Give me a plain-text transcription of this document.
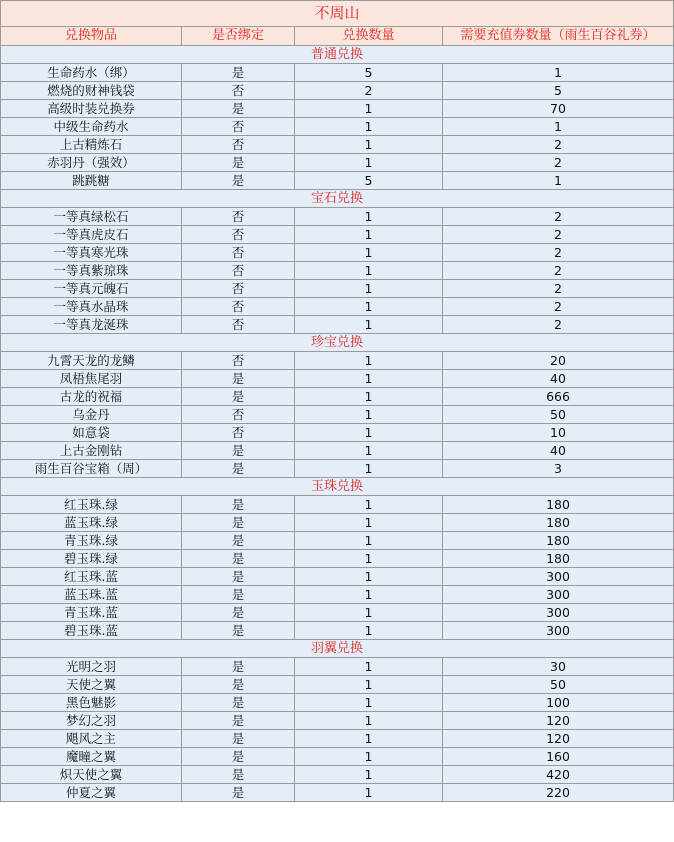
不周山			
兑换物品	是否绑定	兑换数量	需要充值券数量（雨生百谷礼券）
普通兑换			
生命药水（绑）	是	5	1
燃烧的财神钱袋	否	2	5
高级时装兑换券	是	1	70
中级生命药水	否	1	1
上古精炼石	否	1	2
赤羽丹（强效）	是	1	2
跳跳糖	是	5	1
宝石兑换			
一等真绿松石	否	1	2
一等真虎皮石	否	1	2
一等真寒光珠	否	1	2
一等真紫琼珠	否	1	2
一等真元魄石	否	1	2
一等真水晶珠	否	1	2
一等真龙涎珠	否	1	2
珍宝兑换			
九霄天龙的龙鳞	否	1	20
凤梧焦尾羽	是	1	40
古龙的祝福	是	1	666
乌金丹	否	1	50
如意袋	否	1	10
上古金刚钻	是	1	40
雨生百谷宝箱（周）	是	1	3
玉珠兑换			
红玉珠.绿	是	1	180
蓝玉珠.绿	是	1	180
青玉珠.绿	是	1	180
碧玉珠.绿	是	1	180
红玉珠.蓝	是	1	300
蓝玉珠.蓝	是	1	300
青玉珠.蓝	是	1	300
碧玉珠.蓝	是	1	300
羽翼兑换			
光明之羽	是	1	30
天使之翼	是	1	50
黑色魅影	是	1	100
梦幻之羽	是	1	120
飓风之主	是	1	120
魔瞳之翼	是	1	160
炽天使之翼	是	1	420
仲夏之翼	是	1	220
